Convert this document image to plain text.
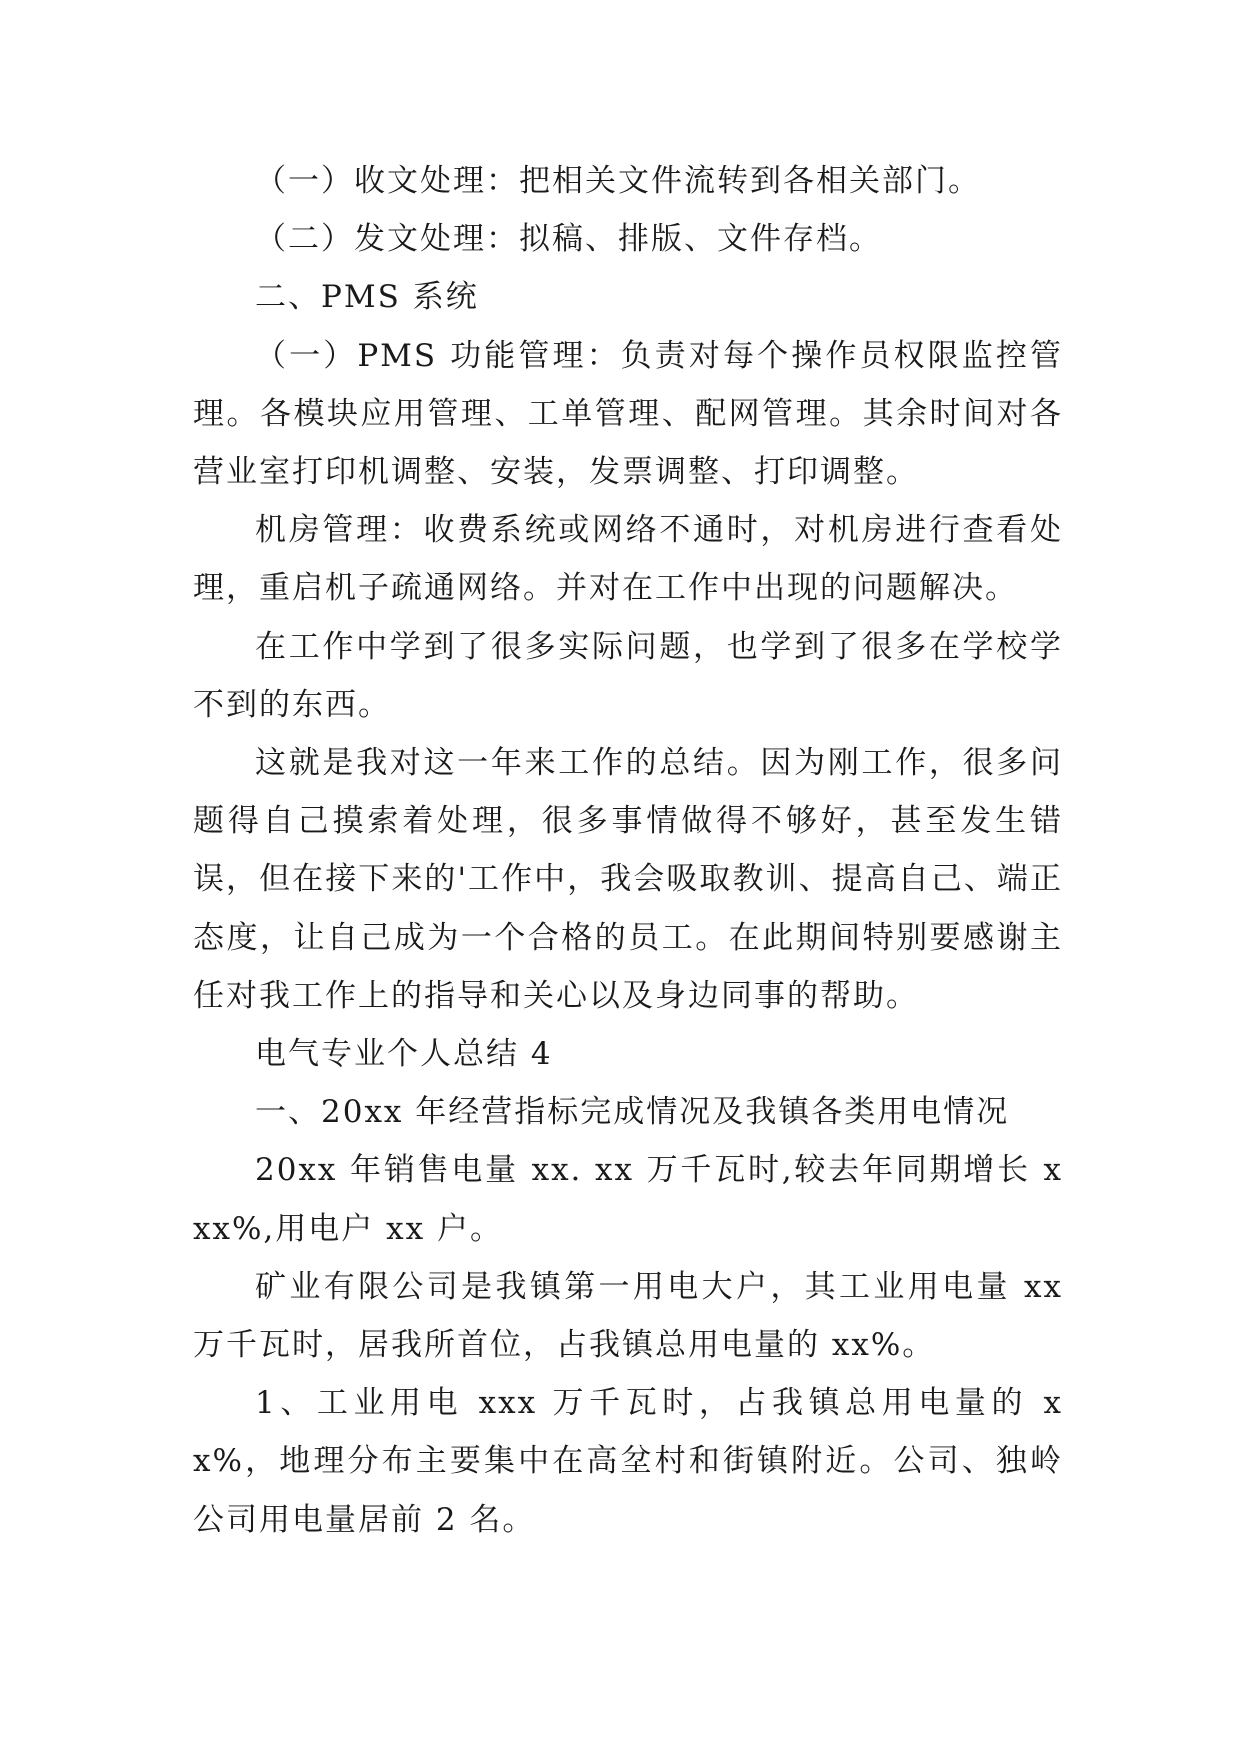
（一）收文处理：把相关文件流转到各相关部门。

（二）发文处理：拟稿、排版、文件存档。

二、PMS 系统

（一）PMS 功能管理：负责对每个操作员权限监控管理。各模块应用管理、工单管理、配网管理。其余时间对各营业室打印机调整、安装，发票调整、打印调整。

机房管理：收费系统或网络不通时，对机房进行查看处理，重启机子疏通网络。并对在工作中出现的问题解决。

在工作中学到了很多实际问题，也学到了很多在学校学不到的东西。

这就是我对这一年来工作的总结。因为刚工作，很多问题得自己摸索着处理，很多事情做得不够好，甚至发生错误，但在接下来的'工作中，我会吸取教训、提高自己、端正态度，让自己成为一个合格的员工。在此期间特别要感谢主任对我工作上的指导和关心以及身边同事的帮助。

电气专业个人总结 4

一、20xx 年经营指标完成情况及我镇各类用电情况

20xx 年销售电量 xx. xx 万千瓦时,较去年同期增长 xxx%,用电户 xx 户。

矿业有限公司是我镇第一用电大户，其工业用电量 xx 万千瓦时，居我所首位，占我镇总用电量的 xx%。

1、工业用电 xxx 万千瓦时，占我镇总用电量的 xx%，地理分布主要集中在高坌村和街镇附近。公司、独岭公司用电量居前 2 名。
